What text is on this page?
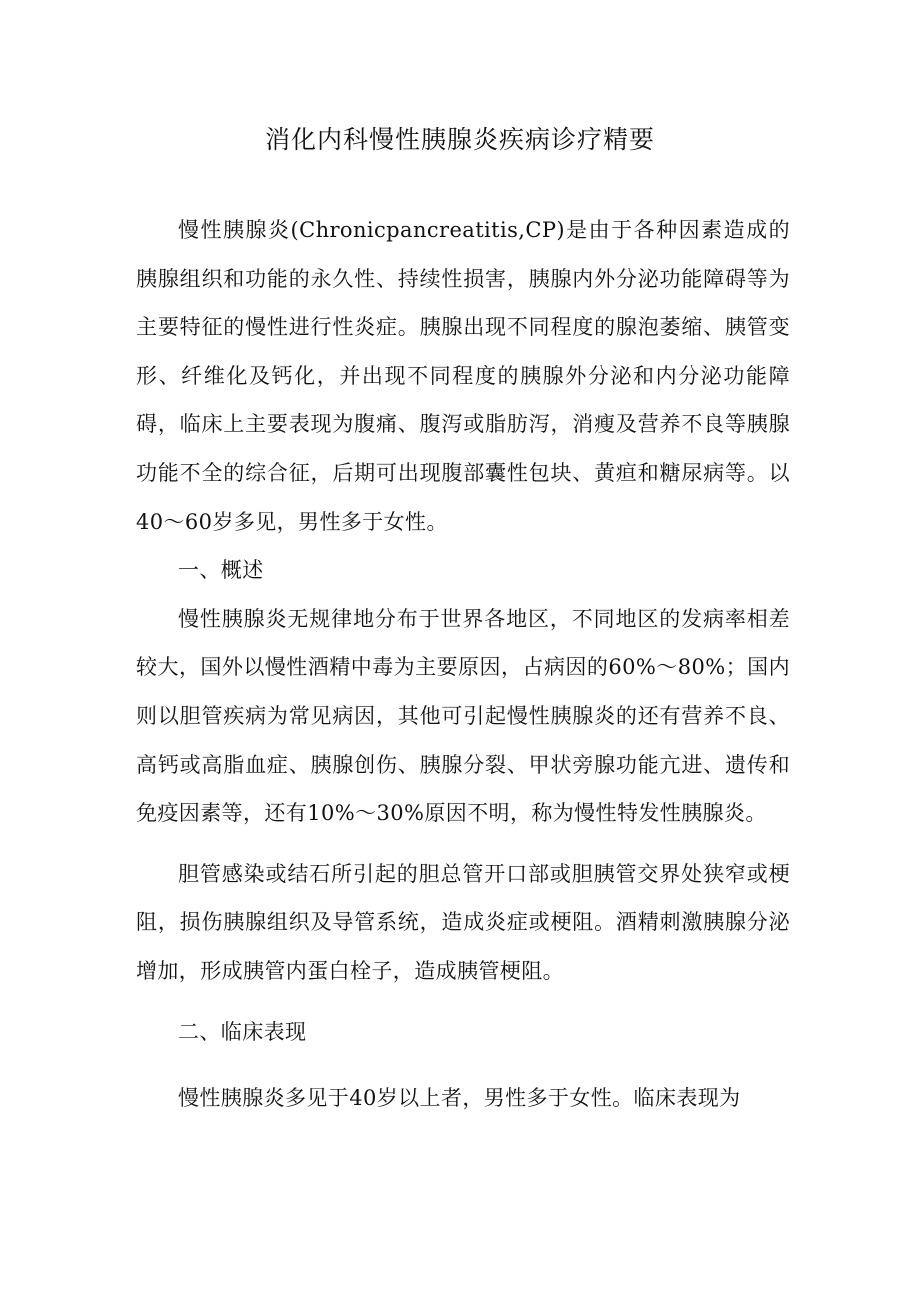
消化内科慢性胰腺炎疾病诊疗精要

慢性胰腺炎(Chronicpancreatitis,CP)是由于各种因素造成的胰腺组织和功能的永久性、持续性损害，胰腺内外分泌功能障碍等为主要特征的慢性进行性炎症。胰腺出现不同程度的腺泡萎缩、胰管变形、纤维化及钙化，并出现不同程度的胰腺外分泌和内分泌功能障碍，临床上主要表现为腹痛、腹泻或脂肪泻，消瘦及营养不良等胰腺功能不全的综合征，后期可出现腹部囊性包块、黄疸和糖尿病等。以40～60岁多见，男性多于女性。

一、概述

慢性胰腺炎无规律地分布于世界各地区，不同地区的发病率相差较大，国外以慢性酒精中毒为主要原因，占病因的60%～80%；国内则以胆管疾病为常见病因，其他可引起慢性胰腺炎的还有营养不良、高钙或高脂血症、胰腺创伤、胰腺分裂、甲状旁腺功能亢进、遗传和免疫因素等，还有10%～30%原因不明，称为慢性特发性胰腺炎。

胆管感染或结石所引起的胆总管开口部或胆胰管交界处狭窄或梗阻，损伤胰腺组织及导管系统，造成炎症或梗阻。酒精刺激胰腺分泌增加，形成胰管内蛋白栓子，造成胰管梗阻。

二、临床表现

慢性胰腺炎多见于40岁以上者，男性多于女性。临床表现为
